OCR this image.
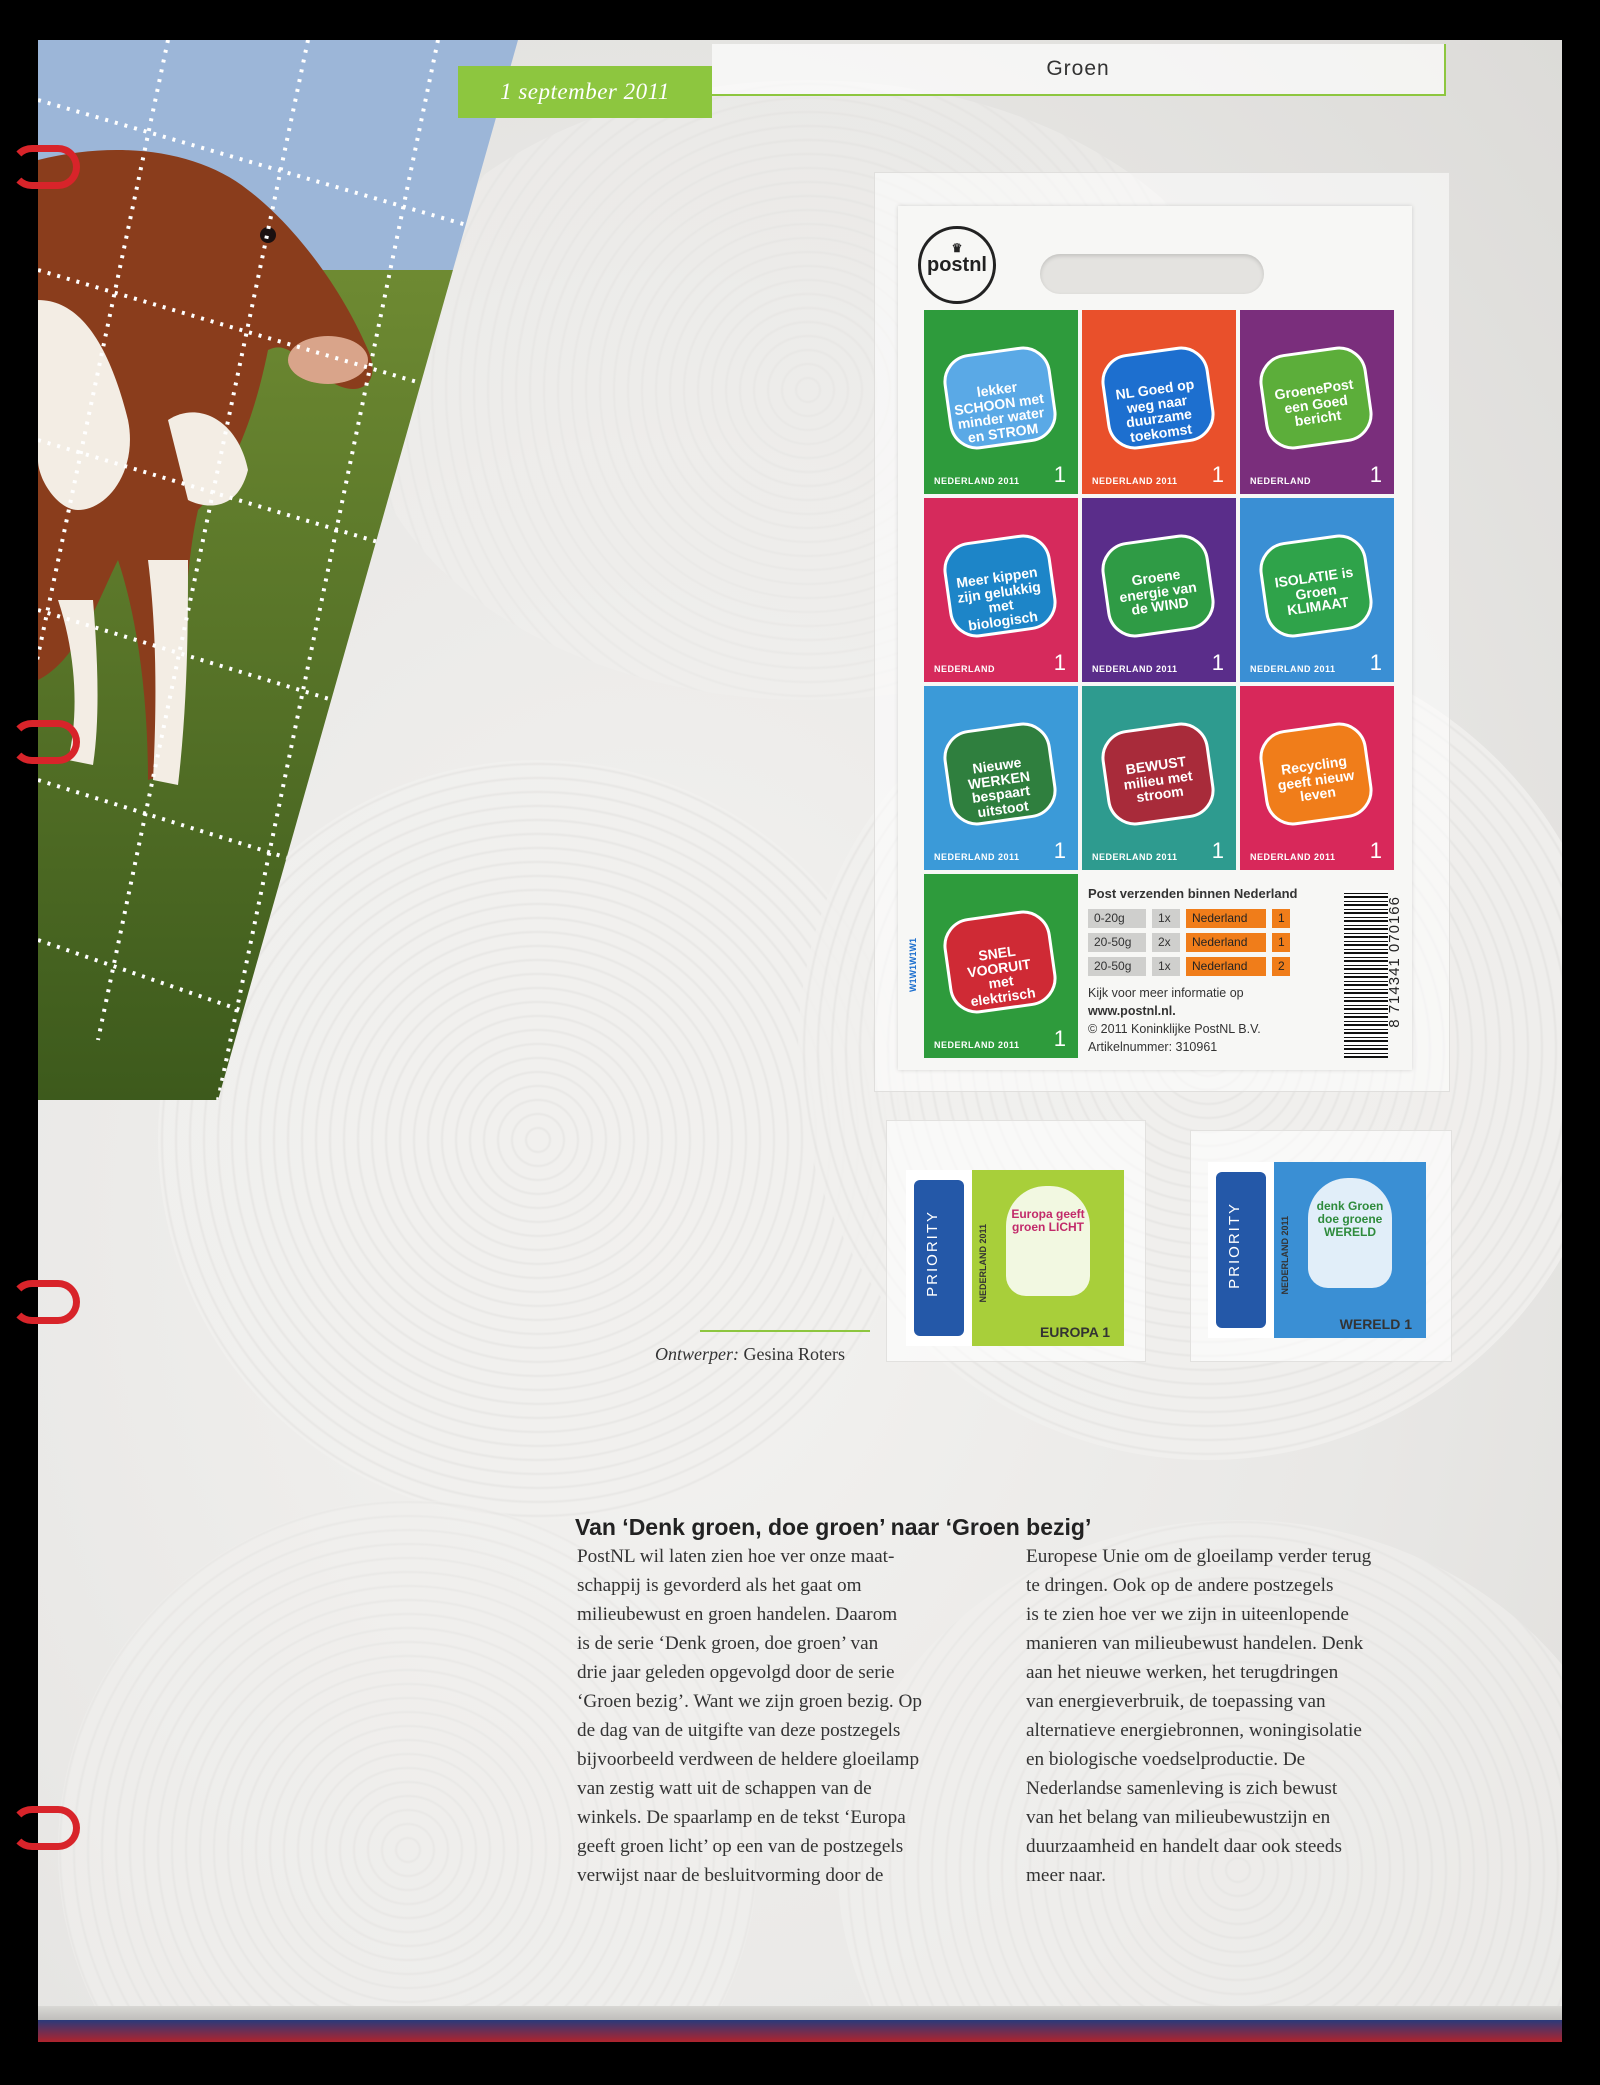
1 september 2011
Groen
♛
postnl
lekker SCHOON met minder water en STROM
NEDERLAND 2011 1
NL Goed op weg naar duurzame toekomst
NEDERLAND 2011 1
GroenePost een Goed bericht
NEDERLAND	1
Meer kippen zijn gelukkig met biologisch
NEDERLAND	1
Groene energie van de WIND
NEDERLAND 2011 1
ISOLATIE is Groen KLIMAAT
NEDERLAND 2011 1
Nieuwe WERKEN bespaart uitstoot
NEDERLAND 2011 1
BEWUST milieu met stroom
NEDERLAND 2011 1
Recycling geeft nieuw leven
NEDERLAND 2011 1
SNEL VOORUIT met elektrisch
NEDERLAND 2011 1
W1W1W1W1
Post verzenden binnen Nederland
0-20g	1x	Nederland	1
20-50g	2x	Nederland	1
20-50g	1x	Nederland	2
Kijk voor meer informatie op
www.postnl.nl.
© 2011 Koninklijke PostNL B.V.
Artikelnummer: 310961
8 714341 070166
PRIORITY	NEDERLAND 2011
Europa geeft groen LICHT
EUROPA 1
PRIORITY	NEDERLAND 2011
denk Groen doe groene WERELD
WERELD 1
Ontwerper: Gesina Roters
Van ‘Denk groen, doe groen’ naar ‘Groen bezig’

PostNL wil laten zien hoe ver onze maat-
schappij is gevorderd als het gaat om
milieubewust en groen handelen. Daarom
is de serie ‘Denk groen, doe groen’ van
drie jaar geleden opgevolgd door de serie
‘Groen bezig’. Want we zijn groen bezig. Op
de dag van de uitgifte van deze postzegels
bijvoorbeeld verdween de heldere gloeilamp
van zestig watt uit de schappen van de
winkels. De spaarlamp en de tekst ‘Europa
geeft groen licht’ op een van de postzegels
verwijst naar de besluitvorming door de

Europese Unie om de gloeilamp verder terug
te dringen. Ook op de andere postzegels
is te zien hoe ver we zijn in uiteenlopende
manieren van milieubewust handelen. Denk
aan het nieuwe werken, het terugdringen
van energieverbruik, de toepassing van
alternatieve energiebronnen, woningisolatie
en biologische voedselproductie. De
Nederlandse samenleving is zich bewust
van het belang van milieubewustzijn en
duurzaamheid en handelt daar ook steeds
meer naar.
